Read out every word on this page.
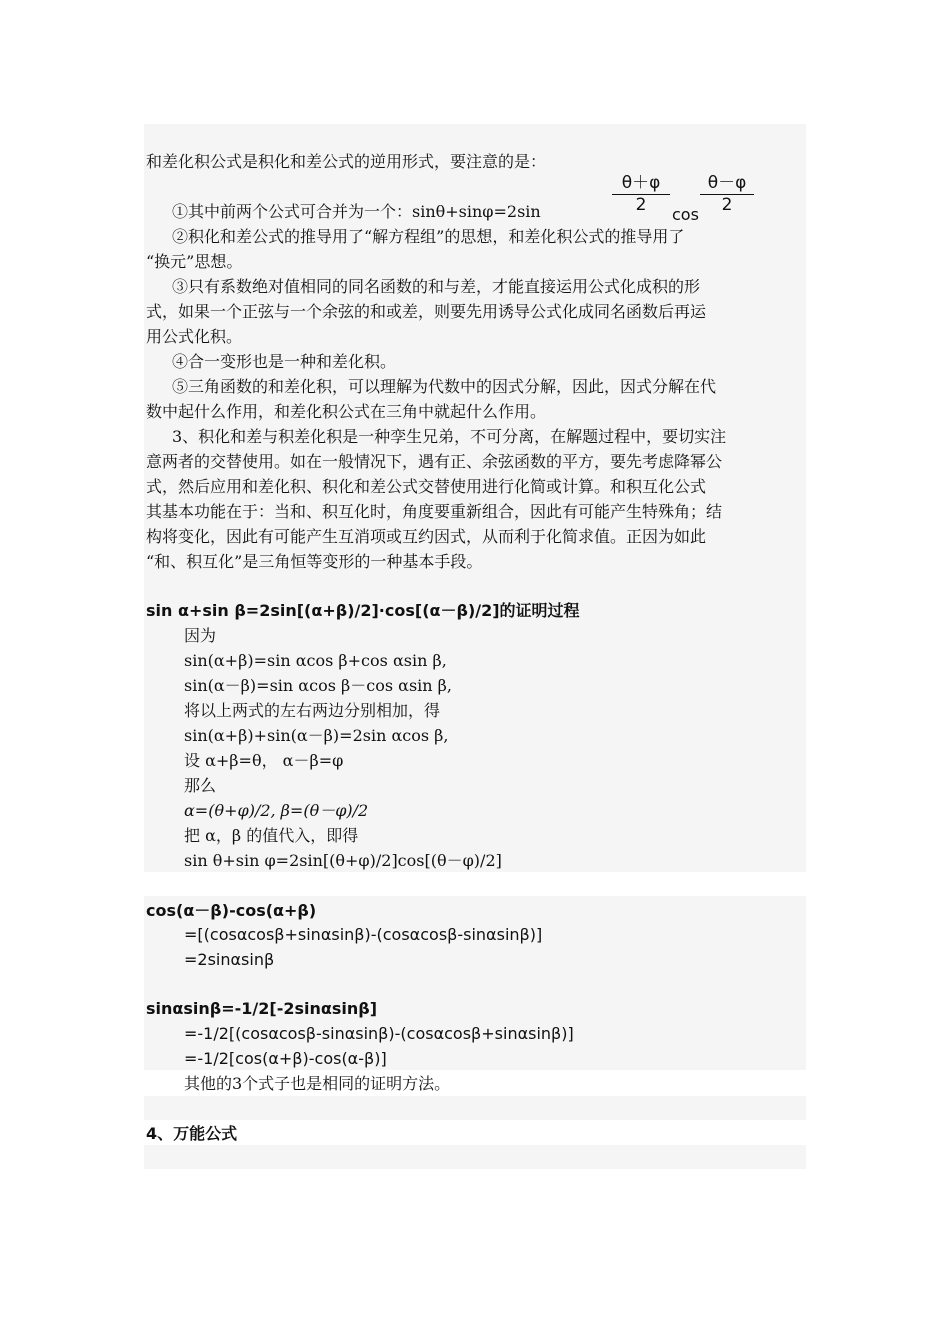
和差化积公式是积化和差公式的逆用形式，要注意的是：
①其中前两个公式可合并为一个：sinθ+sinφ=2sin
θ＋φ
2	cos
θ－φ
2
②积化和差公式的推导用了“解方程组”的思想，和差化积公式的推导用了
“换元”思想。
③只有系数绝对值相同的同名函数的和与差，才能直接运用公式化成积的形
式，如果一个正弦与一个余弦的和或差，则要先用诱导公式化成同名函数后再运
用公式化积。
④合一变形也是一种和差化积。
⑤三角函数的和差化积，可以理解为代数中的因式分解，因此，因式分解在代
数中起什么作用，和差化积公式在三角中就起什么作用。
3、积化和差与积差化积是一种孪生兄弟，不可分离，在解题过程中，要切实注
意两者的交替使用。如在一般情况下，遇有正、余弦函数的平方，要先考虑降幂公
式，然后应用和差化积、积化和差公式交替使用进行化简或计算。和积互化公式
其基本功能在于：当和、积互化时，角度要重新组合，因此有可能产生特殊角；结
构将变化，因此有可能产生互消项或互约因式，从而利于化简求值。正因为如此
“和、积互化”是三角恒等变形的一种基本手段。
sin α+sin β=2sin[(α+β)/2]·cos[(α－β)/2]的证明过程
因为
sin(α+β)=sin αcos β+cos αsin β,
sin(α－β)=sin αcos β－cos αsin β,
将以上两式的左右两边分别相加，得
sin(α+β)+sin(α－β)=2sin αcos β,
设 α+β=θ， α－β=φ
那么
α=(θ+φ)/2, β=(θ－φ)/2
把 α，β 的值代入，即得
sin θ+sin φ=2sin[(θ+φ)/2]cos[(θ－φ)/2]
cos(α－β)-cos(α+β)
=[(cosαcosβ+sinαsinβ)-(cosαcosβ-sinαsinβ)]
=2sinαsinβ
sinαsinβ=-1/2[-2sinαsinβ]
=-1/2[(cosαcosβ-sinαsinβ)-(cosαcosβ+sinαsinβ)]
=-1/2[cos(α+β)-cos(α-β)]
其他的3个式子也是相同的证明方法。
4、万能公式
